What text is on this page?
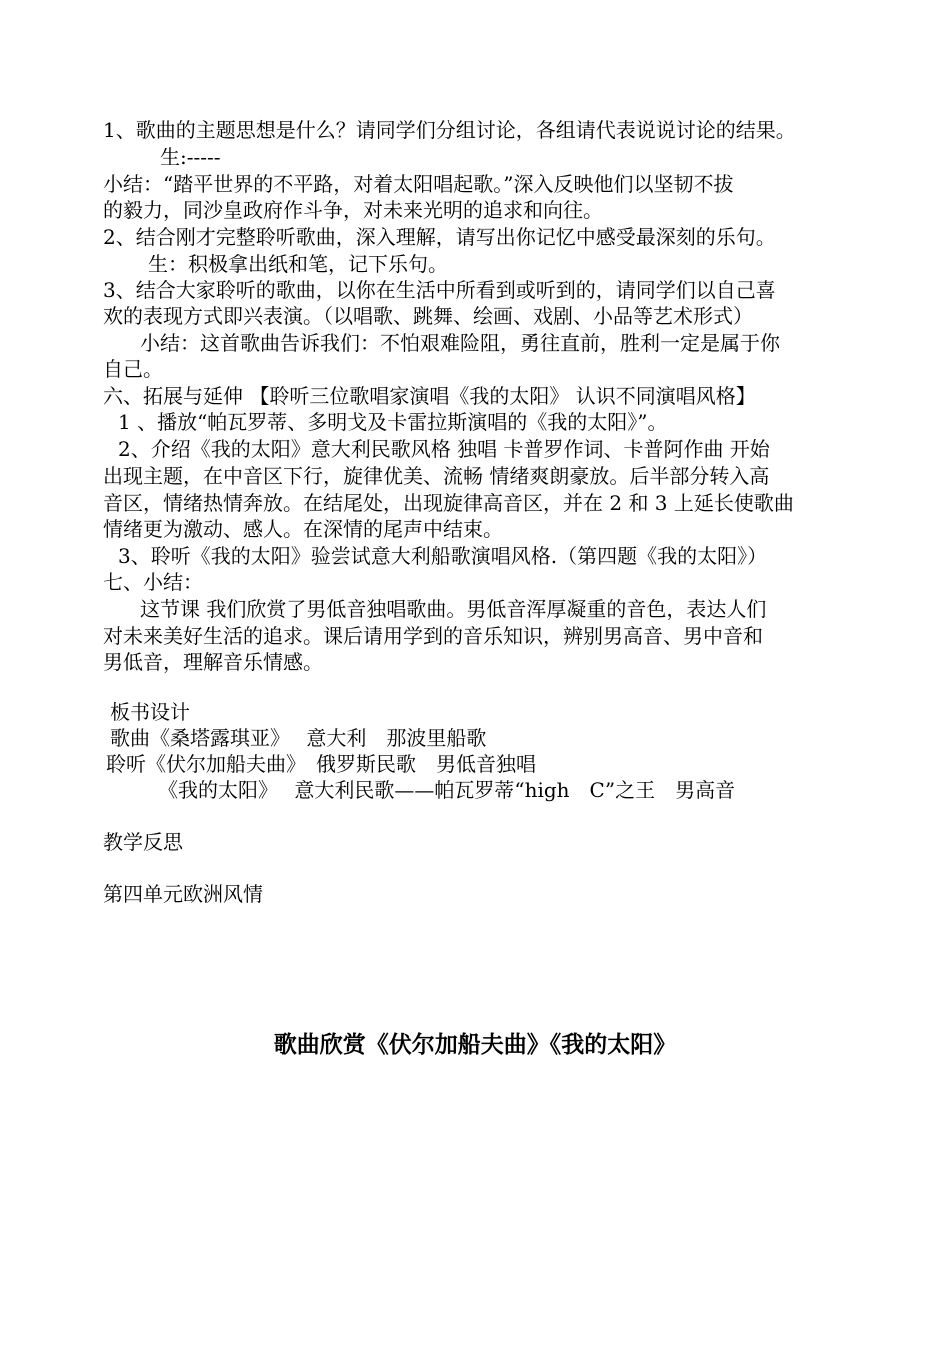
1、歌曲的主题思想是什么？请同学们分组讨论，各组请代表说说讨论的结果。
生:-----
小结：“踏平世界的不平路，对着太阳唱起歌。”深入反映他们以坚韧不拔
的毅力，同沙皇政府作斗争，对未来光明的追求和向往。
2、结合刚才完整聆听歌曲，深入理解，请写出你记忆中感受最深刻的乐句。
生：积极拿出纸和笔，记下乐句。
3、结合大家聆听的歌曲，以你在生活中所看到或听到的，请同学们以自己喜
欢的表现方式即兴表演。（以唱歌、跳舞、绘画、戏剧、小品等艺术形式）
小结：这首歌曲告诉我们：不怕艰难险阻，勇往直前，胜利一定是属于你
自己。
六、拓展与延伸 【聆听三位歌唱家演唱《我的太阳》 认识不同演唱风格】
1 、播放“帕瓦罗蒂、多明戈及卡雷拉斯演唱的《我的太阳》”。
2、介绍《我的太阳》意大利民歌风格 独唱 卡普罗作词、卡普阿作曲 开始
出现主题，在中音区下行，旋律优美、流畅 情绪爽朗豪放。后半部分转入高
音区，情绪热情奔放。在结尾处，出现旋律高音区，并在 2 和 3 上延长使歌曲
情绪更为激动、感人。在深情的尾声中结束。
3、聆听《我的太阳》验尝试意大利船歌演唱风格.（第四题《我的太阳》）
七、小结：
这节课 我们欣赏了男低音独唱歌曲。男低音浑厚凝重的音色，表达人们
对未来美好生活的追求。课后请用学到的音乐知识，辨别男高音、男中音和
男低音，理解音乐情感。
板书设计
歌曲《桑塔露琪亚》　 意大利　那波里船歌
聆听《伏尔加船夫曲》　俄罗斯民歌　男低音独唱
《我的太阳》　 意大利民歌——帕瓦罗蒂“high　C”之王　男高音
教学反思
第四单元欧洲风情
歌曲欣赏《伏尔加船夫曲》《我的太阳》
